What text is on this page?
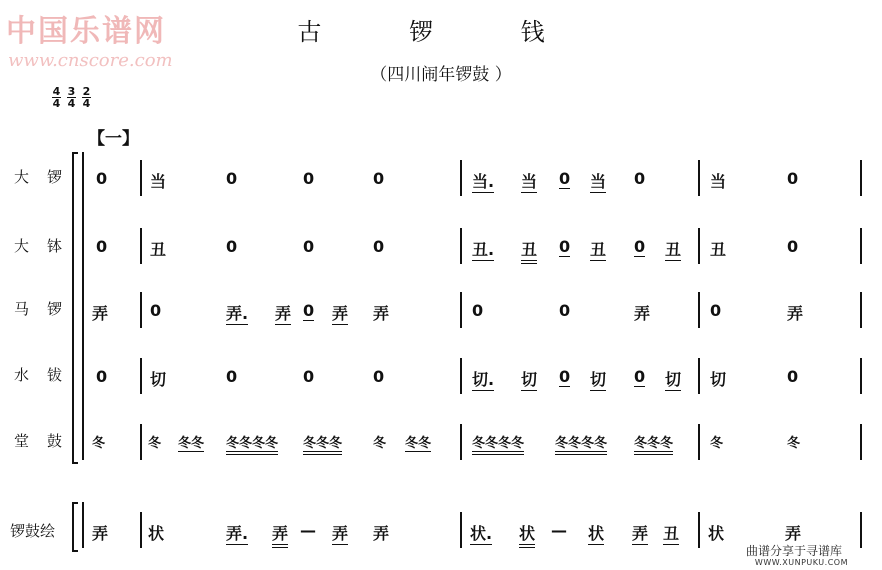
中国乐谱网
www.cnscore.com
古 锣 钱
（四川闹年锣鼓 ）
$\frac{4}{4} \frac{3}{4} \frac{2}{4}$
【一】
大锣
大钵
马锣
水钹
堂鼓
锣鼓绘
0	当	0	0	0	当. 当 0 当 0	当	0
0	丑	0	0	0	丑. 丑 0 丑 0 丑 丑	0
弄	0	弄. 弄 0 弄 弄	0	0	弄	0	弄
0	切	0	0	0	切. 切 0 切 0 切 切	0
冬	冬 冬冬 冬冬冬冬 冬冬冬 冬 冬冬	冬冬冬冬 冬冬冬冬 冬冬冬	冬	冬
弄 状	弄. 弄 — 弄 弄	状. 状 — 状 弄 丑 状	弄
曲谱分享于寻谱库
WWW.XUNPUKU.COM
